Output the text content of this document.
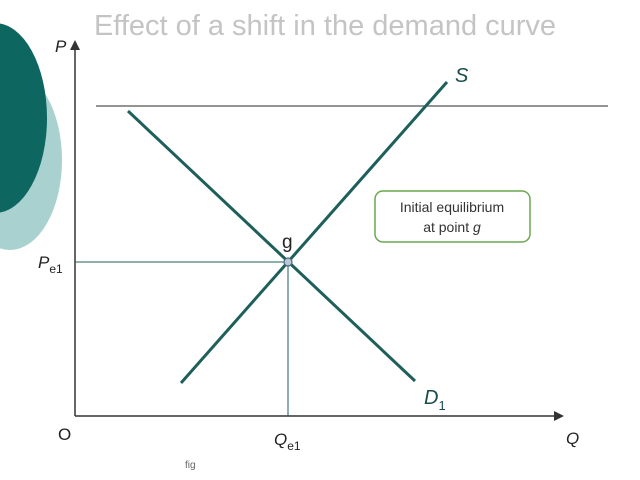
Effect of a shift in the demand curve
P
Q
O
g
S
$D_1$
$P_{e1}$
$Q_{e1}$
Initial equilibrium
at point g
fig
